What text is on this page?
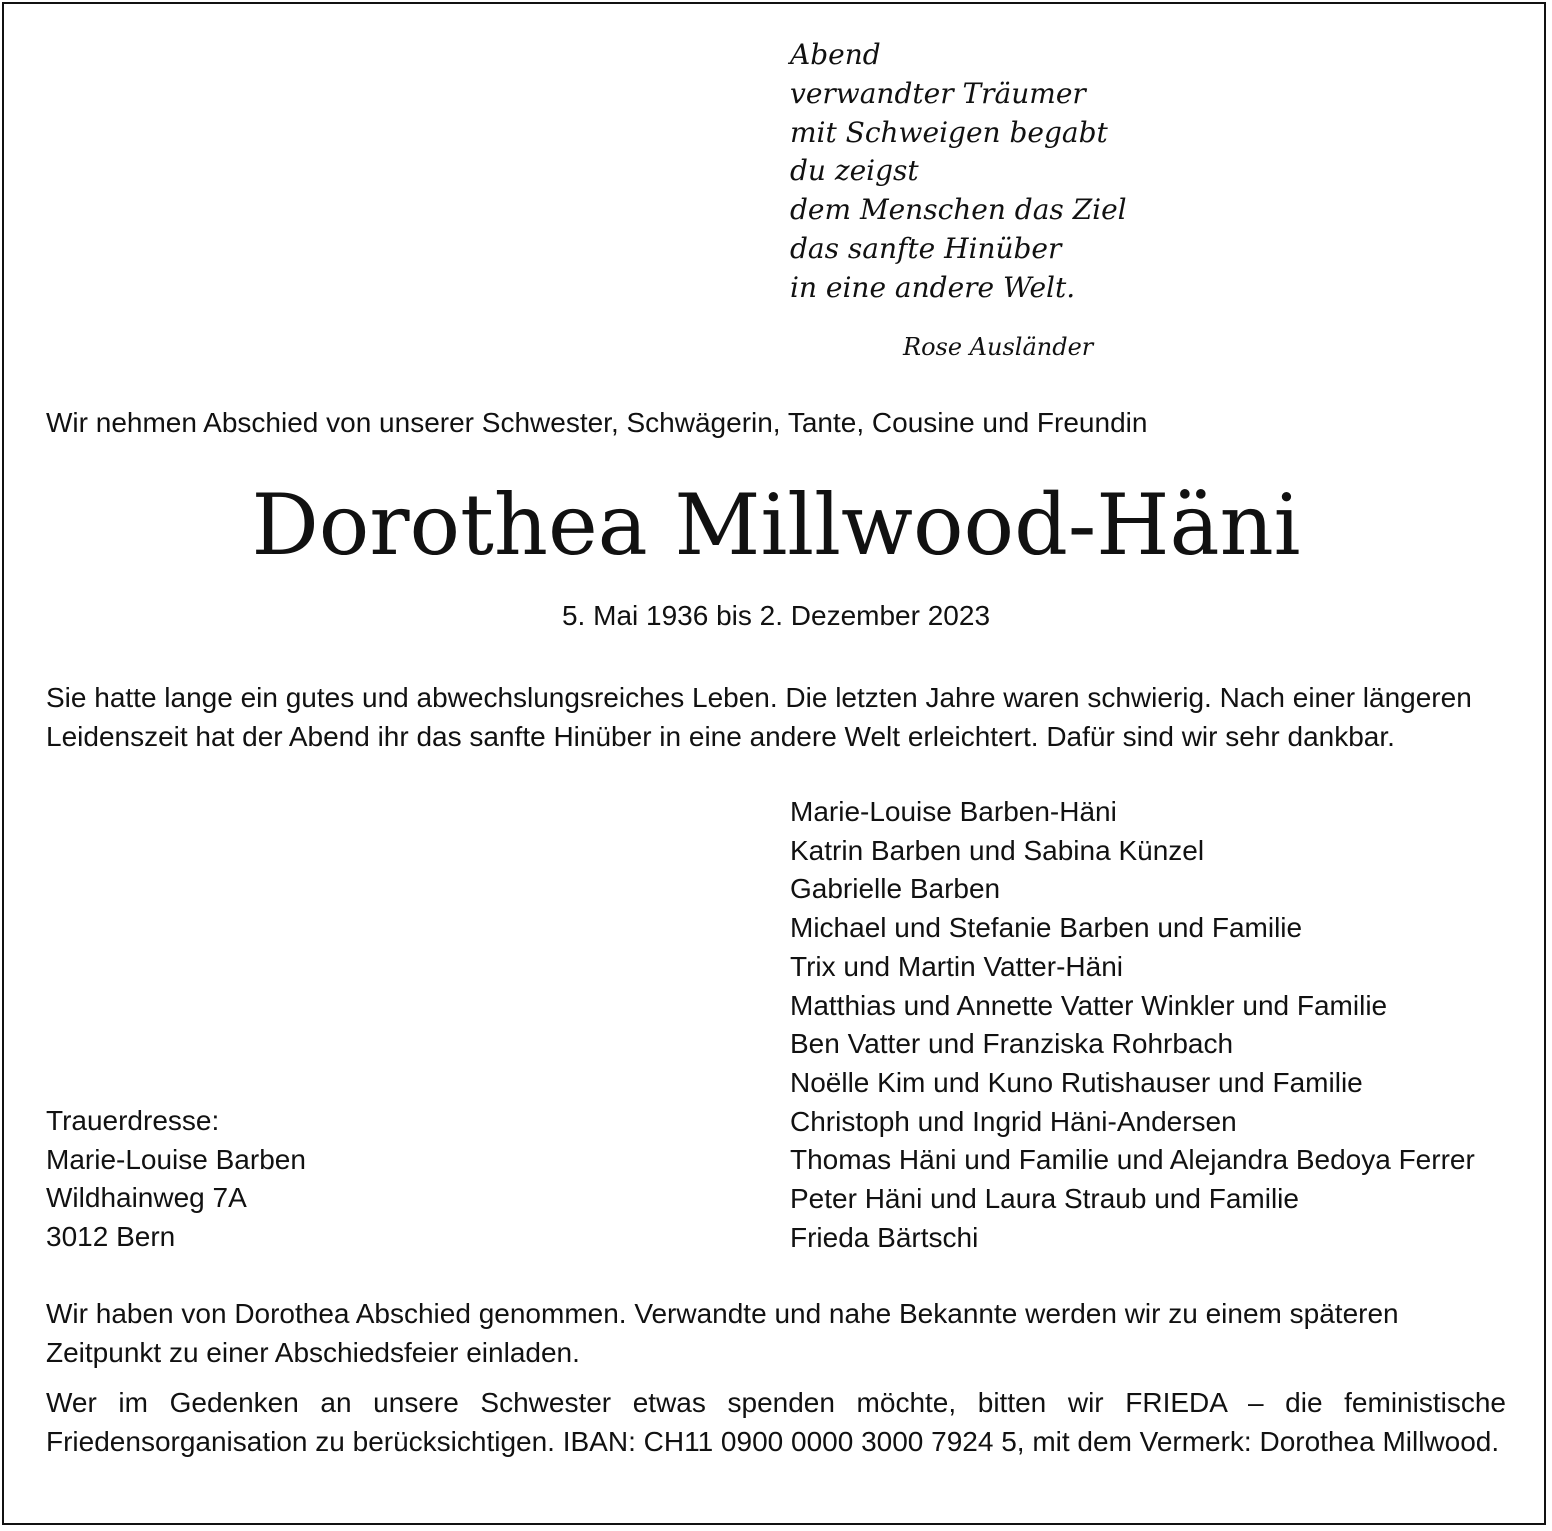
Abend
verwandter Träumer
mit Schweigen begabt
du zeigst
dem Menschen das Ziel
das sanfte Hinüber
in eine andere Welt.
Rose Ausländer
Wir nehmen Abschied von unserer Schwester, Schwägerin, Tante, Cousine und Freundin
Dorothea Millwood-Häni
5. Mai 1936 bis 2. Dezember 2023

Sie hatte lange ein gutes und abwechslungsreiches Leben. Die letzten Jahre waren schwierig. Nach einer längeren Leidenszeit hat der Abend ihr das sanfte Hinüber in eine andere Welt erleichtert. Dafür sind wir sehr dankbar.

Marie-Louise Barben-Häni
Katrin Barben und Sabina Künzel
Gabrielle Barben
Michael und Stefanie Barben und Familie
Trix und Martin Vatter-Häni
Matthias und Annette Vatter Winkler und Familie
Ben Vatter und Franziska Rohrbach
Noëlle Kim und Kuno Rutishauser und Familie
Christoph und Ingrid Häni-Andersen
Thomas Häni und Familie und Alejandra Bedoya Ferrer
Peter Häni und Laura Straub und Familie
Frieda Bärtschi
Trauerdresse:
Marie-Louise Barben
Wildhainweg 7A
3012 Bern

Wir haben von Dorothea Abschied genommen. Verwandte und nahe Bekannte werden wir zu einem späteren Zeitpunkt zu einer Abschiedsfeier einladen.

Wer im Gedenken an unsere Schwester etwas spenden möchte, bitten wir FRIEDA – die feministische Friedensorganisation zu berücksichtigen. IBAN: CH11 0900 0000 3000 7924 5, mit dem Vermerk: Dorothea Millwood.
